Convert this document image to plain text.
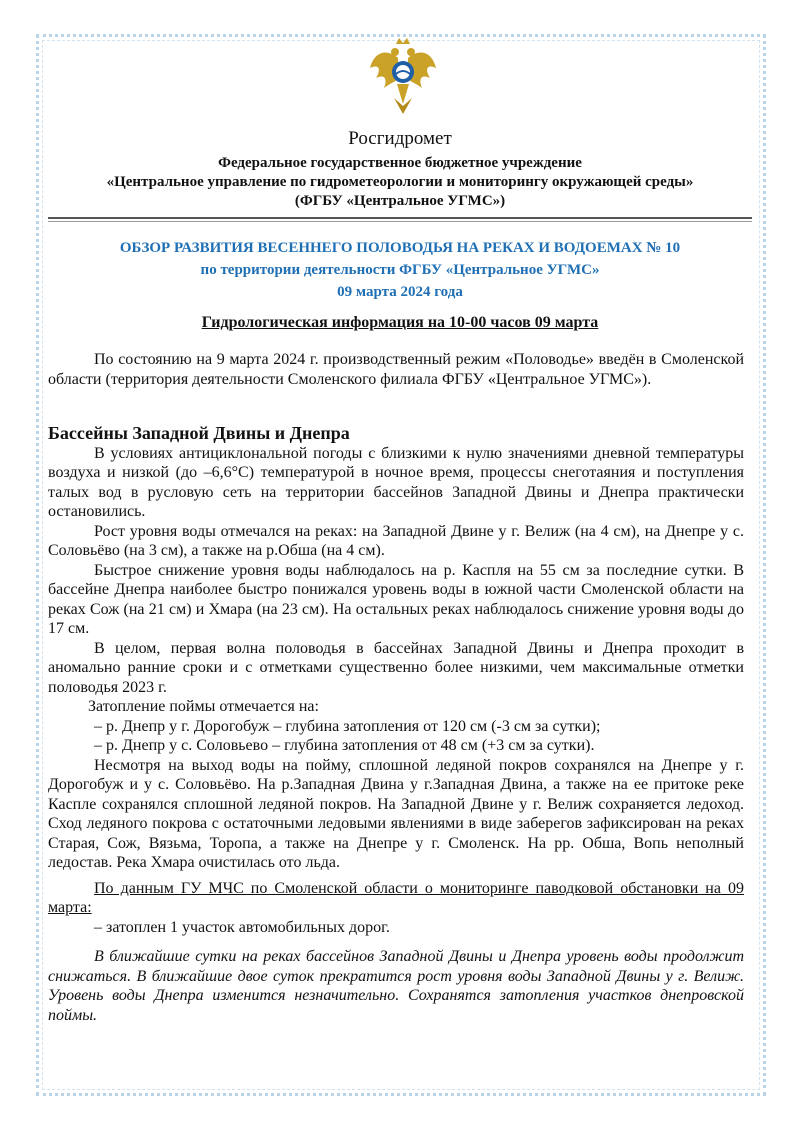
Росгидромет
Федеральное государственное бюджетное учреждение
«Центральное управление по гидрометеорологии и мониторингу окружающей среды»
(ФГБУ «Центральное УГМС»)
ОБЗОР РАЗВИТИЯ ВЕСЕННЕГО ПОЛОВОДЬЯ НА РЕКАХ И ВОДОЕМАХ № 10
по территории деятельности ФГБУ «Центральное УГМС»
09 марта 2024 года
Гидрологическая информация на 10-00 часов 09 марта

По состоянию на 9 марта 2024 г. производственный режим «Половодье» введён в Смоленской области (территория деятельности Смоленского филиала ФГБУ «Центральное УГМС»).

Бассейны Западной Двины и Днепра

В условиях антициклональной погоды с близкими к нулю значениями дневной температуры воздуха и низкой (до –6,6°С) температурой в ночное время, процессы снеготаяния и поступления талых вод в русловую сеть на территории бассейнов Западной Двины и Днепра практически остановились.

Рост уровня воды отмечался на реках: на Западной Двине у г. Велиж (на 4 см), на Днепре у с. Соловьёво (на 3 см), а также на р.Обша (на 4 см).

Быстрое снижение уровня воды наблюдалось на р. Каспля на 55 см за последние сутки. В бассейне Днепра наиболее быстро понижался уровень воды в южной части Смоленской области на реках Сож (на 21 см) и Хмара (на 23 см). На остальных реках наблюдалось снижение уровня воды до 17 см.

В целом, первая волна половодья в бассейнах Западной Двины и Днепра проходит в аномально ранние сроки и с отметками существенно более низкими, чем максимальные отметки половодья 2023 г.

Затопление поймы отмечается на:

– р. Днепр у г. Дорогобуж – глубина затопления от 120 см (-3 см за сутки);

– р. Днепр у с. Соловьево – глубина затопления от 48 см (+3 см за сутки).

Несмотря на выход воды на пойму, сплошной ледяной покров сохранялся на Днепре у г. Дорогобуж и у с. Соловьёво. На р.Западная Двина у г.Западная Двина, а также на ее притоке реке Каспле сохранялся сплошной ледяной покров. На Западной Двине у г. Велиж сохраняется ледоход. Сход ледяного покрова с остаточными ледовыми явлениями в виде заберегов зафиксирован на реках Старая, Сож, Вязьма, Торопа, а также на Днепре у г. Смоленск. На рр. Обша, Вопь неполный ледостав. Река Хмара очистилась ото льда.

По данным ГУ МЧС по Смоленской области о мониторинге паводковой обстановки на 09 марта:

– затоплен 1 участок автомобильных дорог.

В ближайшие сутки на реках бассейнов Западной Двины и Днепра уровень воды продолжит снижаться. В ближайшие двое суток прекратится рост уровня воды Западной Двины у г. Велиж. Уровень воды Днепра изменится незначительно. Сохранятся затопления участков днепровской поймы.
